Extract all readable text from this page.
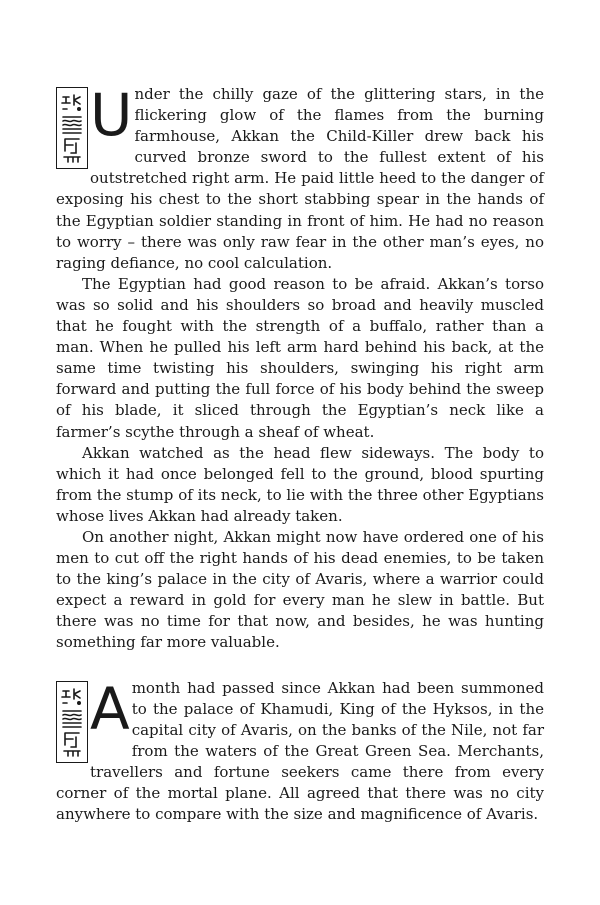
Under the chilly gaze of the glittering stars, in the flickering glow of the flames from the burning farmhouse, Akkan the Child-Killer drew back his curved bronze sword to the fullest extent of his outstretched right arm. He paid little heed to the danger of exposing his chest to the short stabbing spear in the hands of the Egyptian soldier standing in front of him. He had no reason to worry – there was only raw fear in the other man’s eyes, no raging defiance, no cool calculation.

The Egyptian had good reason to be afraid. Akkan’s torso was so solid and his shoulders so broad and heavily muscled that he fought with the strength of a buffalo, rather than a man. When he pulled his left arm hard behind his back, at the same time twisting his shoulders, swinging his right arm forward and putting the full force of his body behind the sweep of his blade, it sliced through the Egyptian’s neck like a farmer’s scythe through a sheaf of wheat.

Akkan watched as the head flew sideways. The body to which it had once belonged fell to the ground, blood spurting from the stump of its neck, to lie with the three other Egyptians whose lives Akkan had already taken.

On another night, Akkan might now have ordered one of his men to cut off the right hands of his dead enemies, to be taken to the king’s palace in the city of Avaris, where a warrior could expect a reward in gold for every man he slew in battle. But there was no time for that now, and besides, he was hunting something far more valuable.

A month had passed since Akkan had been summoned to the palace of Khamudi, King of the Hyksos, in the capital city of Avaris, on the banks of the Nile, not far from the waters of the Great Green Sea. Merchants, travellers and fortune seekers came there from every corner of the mortal plane. All agreed that there was no city anywhere to compare with the size and magnificence of Avaris.
